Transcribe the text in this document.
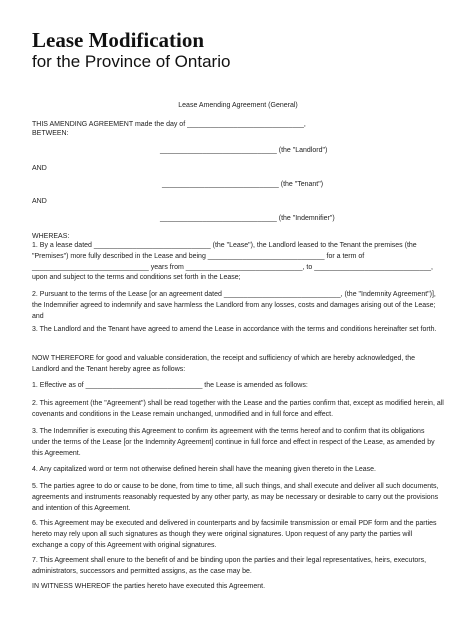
Lease Modification
for the Province of Ontario
Lease Amending Agreement (General)
THIS AMENDING AGREEMENT made the day of ______________________________,
BETWEEN:
______________________________ (the "Landlord")
AND
______________________________ (the "Tenant")
AND
______________________________ (the "Indemnifier")
WHEREAS:
1. By a lease dated ______________________________ (the "Lease"), the Landlord leased to the Tenant the premises (the "Premises") more fully described in the Lease and being ______________________________ for a term of ______________________________ years from ______________________________, to ______________________________, upon and subject to the terms and conditions set forth in the Lease;
2. Pursuant to the terms of the Lease [or an agreement dated ______________________________, (the "Indemnity Agreement")], the Indemnifier agreed to indemnify and save harmless the Landlord from any losses, costs and damages arising out of the Lease; and
3. The Landlord and the Tenant have agreed to amend the Lease in accordance with the terms and conditions hereinafter set forth.
NOW THEREFORE for good and valuable consideration, the receipt and sufficiency of which are hereby acknowledged, the Landlord and the Tenant hereby agree as follows:
1. Effective as of ______________________________ the Lease is amended as follows:
2. This agreement (the "Agreement") shall be read together with the Lease and the parties confirm that, except as modified herein, all covenants and conditions in the Lease remain unchanged, unmodified and in full force and effect.
3. The Indemnifier is executing this Agreement to confirm its agreement with the terms hereof and to confirm that its obligations under the terms of the Lease [or the Indemnity Agreement] continue in full force and effect in respect of the Lease, as amended by this Agreement.
4. Any capitalized word or term not otherwise defined herein shall have the meaning given thereto in the Lease.
5. The parties agree to do or cause to be done, from time to time, all such things, and shall execute and deliver all such documents, agreements and instruments reasonably requested by any other party, as may be necessary or desirable to carry out the provisions and intention of this Agreement.
6. This Agreement may be executed and delivered in counterparts and by facsimile transmission or email PDF form and the parties hereto may rely upon all such signatures as though they were original signatures. Upon request of any party the parties will exchange a copy of this Agreement with original signatures.
7. This Agreement shall enure to the benefit of and be binding upon the parties and their legal representatives, heirs, executors, administrators, successors and permitted assigns, as the case may be.
IN WITNESS WHEREOF the parties hereto have executed this Agreement.
